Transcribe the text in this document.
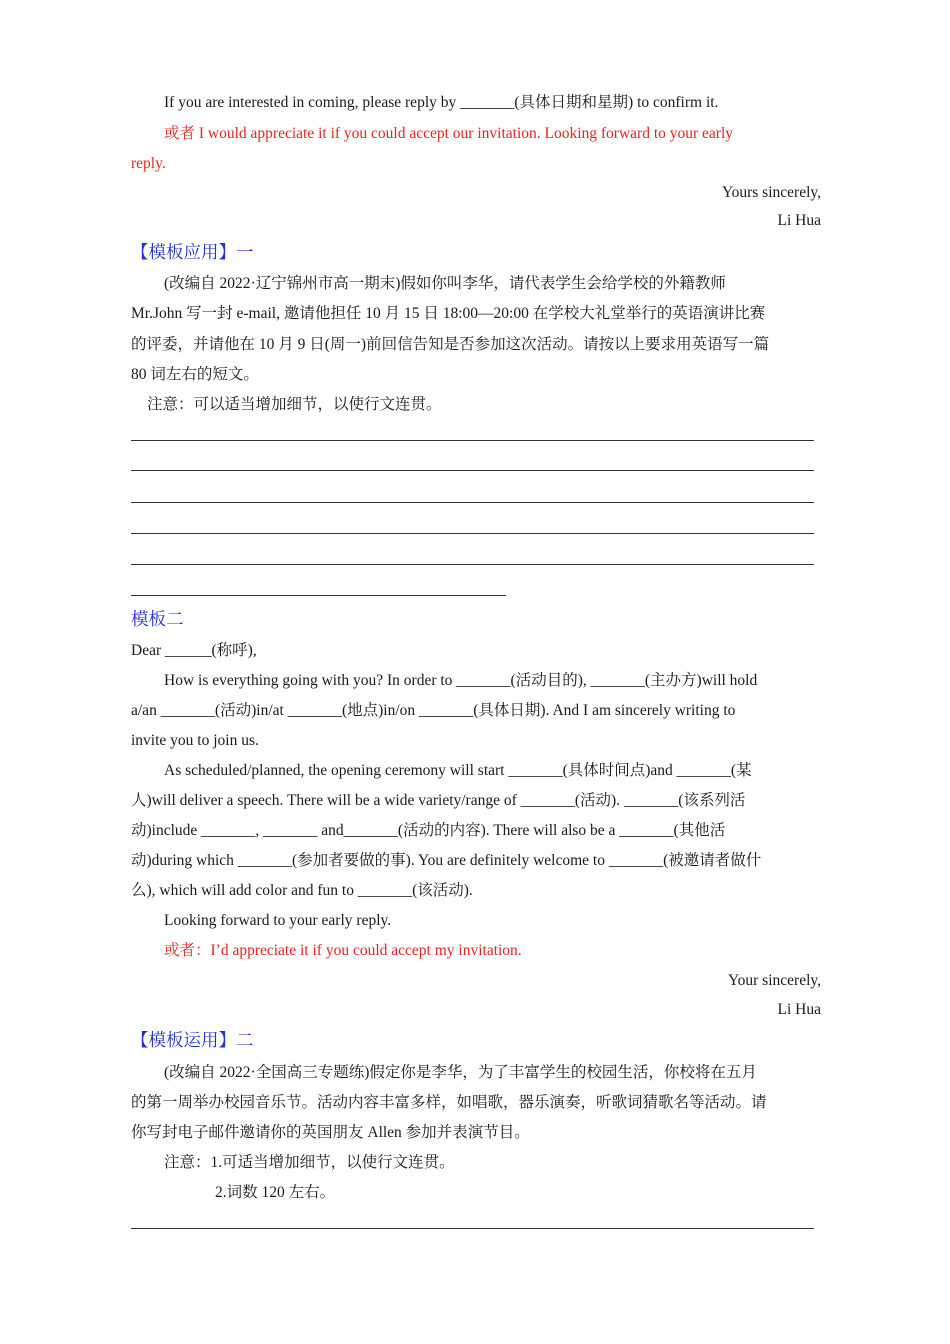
If you are interested in coming, please reply by _______(具体日期和星期) to confirm it.
或者 I would appreciate it if you could accept our invitation. Looking forward to your early
reply.
Yours sincerely,
Li Hua
【模板应用】一
(改编自 2022·辽宁锦州市高一期末)假如你叫李华，请代表学生会给学校的外籍教师
Mr.John 写一封 e-mail, 邀请他担任 10 月 15 日 18:00—20:00 在学校大礼堂举行的英语演讲比赛
的评委，并请他在 10 月 9 日(周一)前回信告知是否参加这次活动。请按以上要求用英语写一篇
80 词左右的短文。
注意：可以适当增加细节，以使行文连贯。
模板二
Dear ______(称呼),
How is everything going with you? In order to _______(活动目的), _______(主办方)will hold
a/an _______(活动)in/at _______(地点)in/on _______(具体日期). And I am sincerely writing to
invite you to join us.
As scheduled/planned, the opening ceremony will start _______(具体时间点)and _______(某
人)will deliver a speech. There will be a wide variety/range of _______(活动). _______(该系列活
动)include _______, _______ and_______(活动的内容). There will also be a _______(其他活
动)during which _______(参加者要做的事). You are definitely welcome to _______(被邀请者做什
么), which will add color and fun to _______(该活动).
Looking forward to your early reply.
或者：I’d appreciate it if you could accept my invitation.
Your sincerely,
Li Hua
【模板运用】二
(改编自 2022·全国高三专题练)假定你是李华，为了丰富学生的校园生活，你校将在五月
的第一周举办校园音乐节。活动内容丰富多样，如唱歌，器乐演奏，听歌词猜歌名等活动。请
你写封电子邮件邀请你的英国朋友 Allen 参加并表演节目。
注意：1.可适当增加细节，以使行文连贯。
2.词数 120 左右。
